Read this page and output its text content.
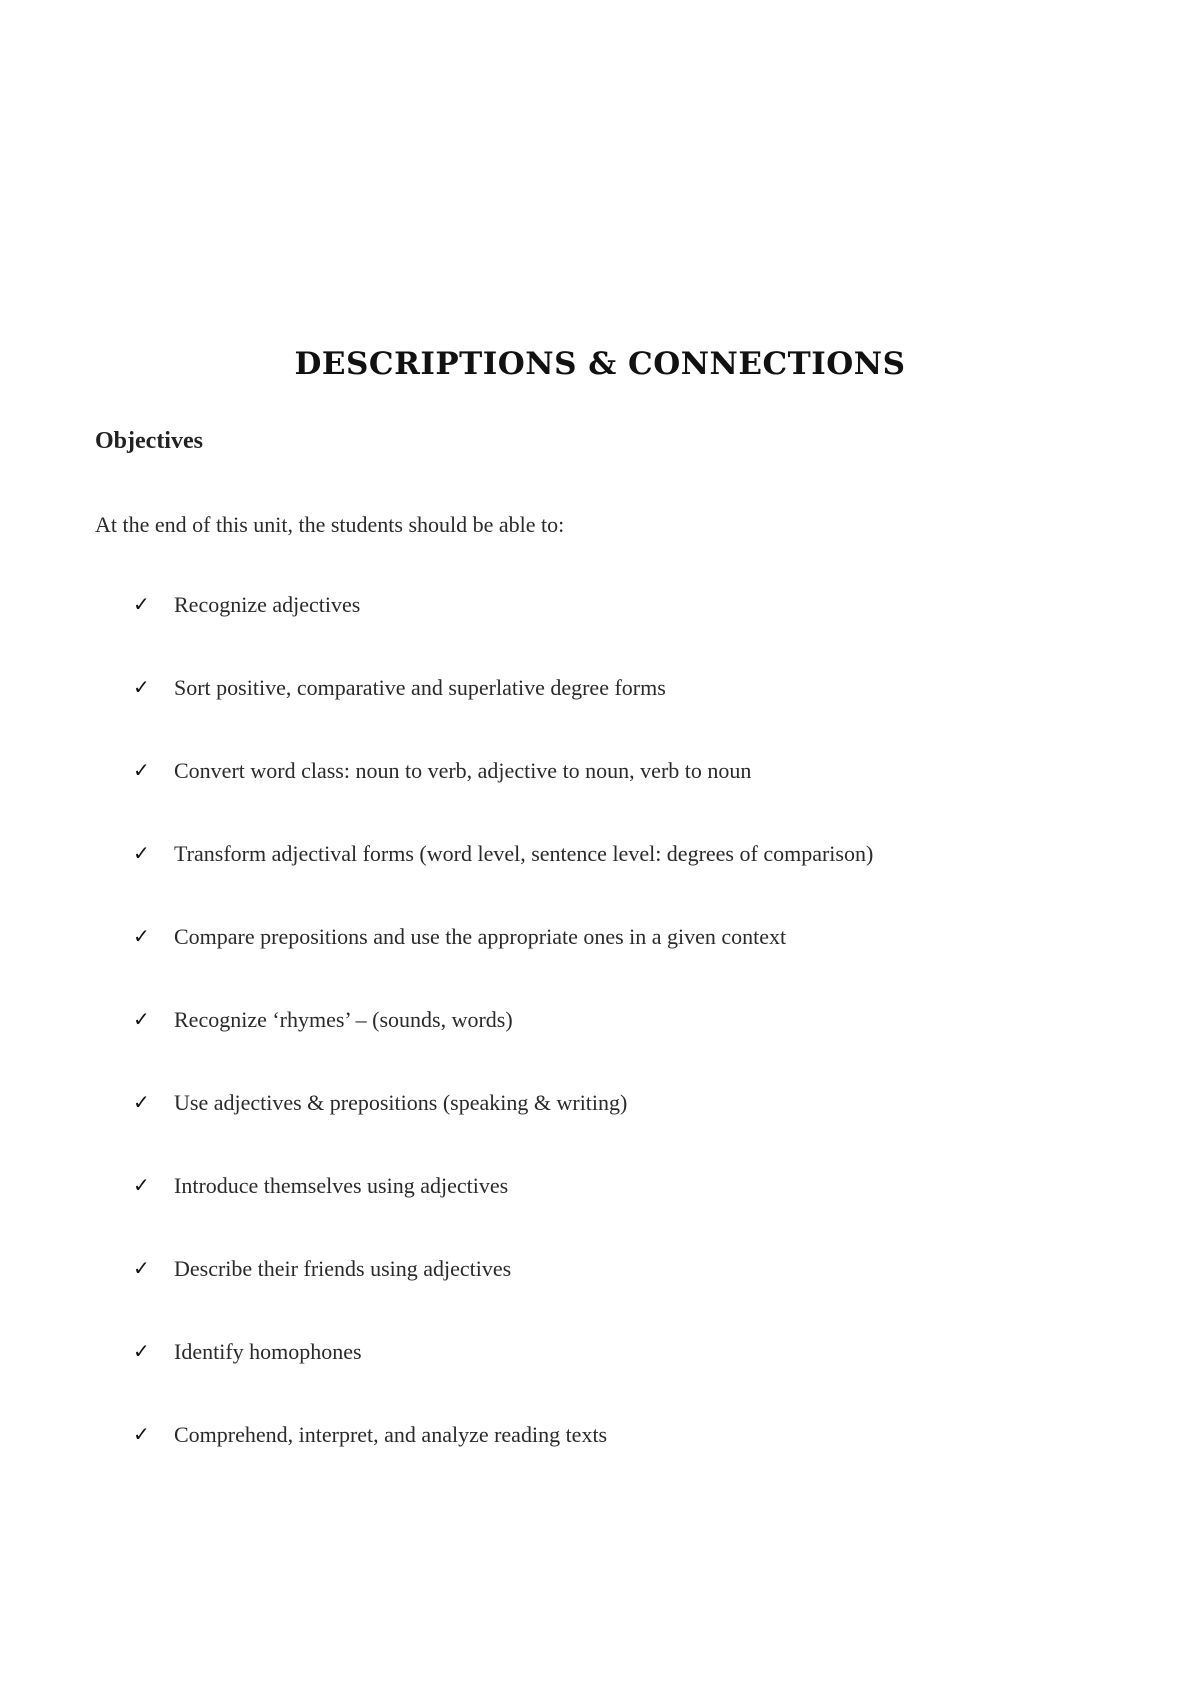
DESCRIPTIONS & CONNECTIONS
Objectives
At the end of this unit, the students should be able to:
✓ Recognize adjectives
✓ Sort positive, comparative and superlative degree forms
✓ Convert word class: noun to verb, adjective to noun, verb to noun
✓ Transform adjectival forms (word level, sentence level: degrees of comparison)
✓ Compare prepositions and use the appropriate ones in a given context
✓ Recognize ‘rhymes’ – (sounds, words)
✓ Use adjectives & prepositions (speaking & writing)
✓ Introduce themselves using adjectives
✓ Describe their friends using adjectives
✓ Identify homophones
✓ Comprehend, interpret, and analyze reading texts
